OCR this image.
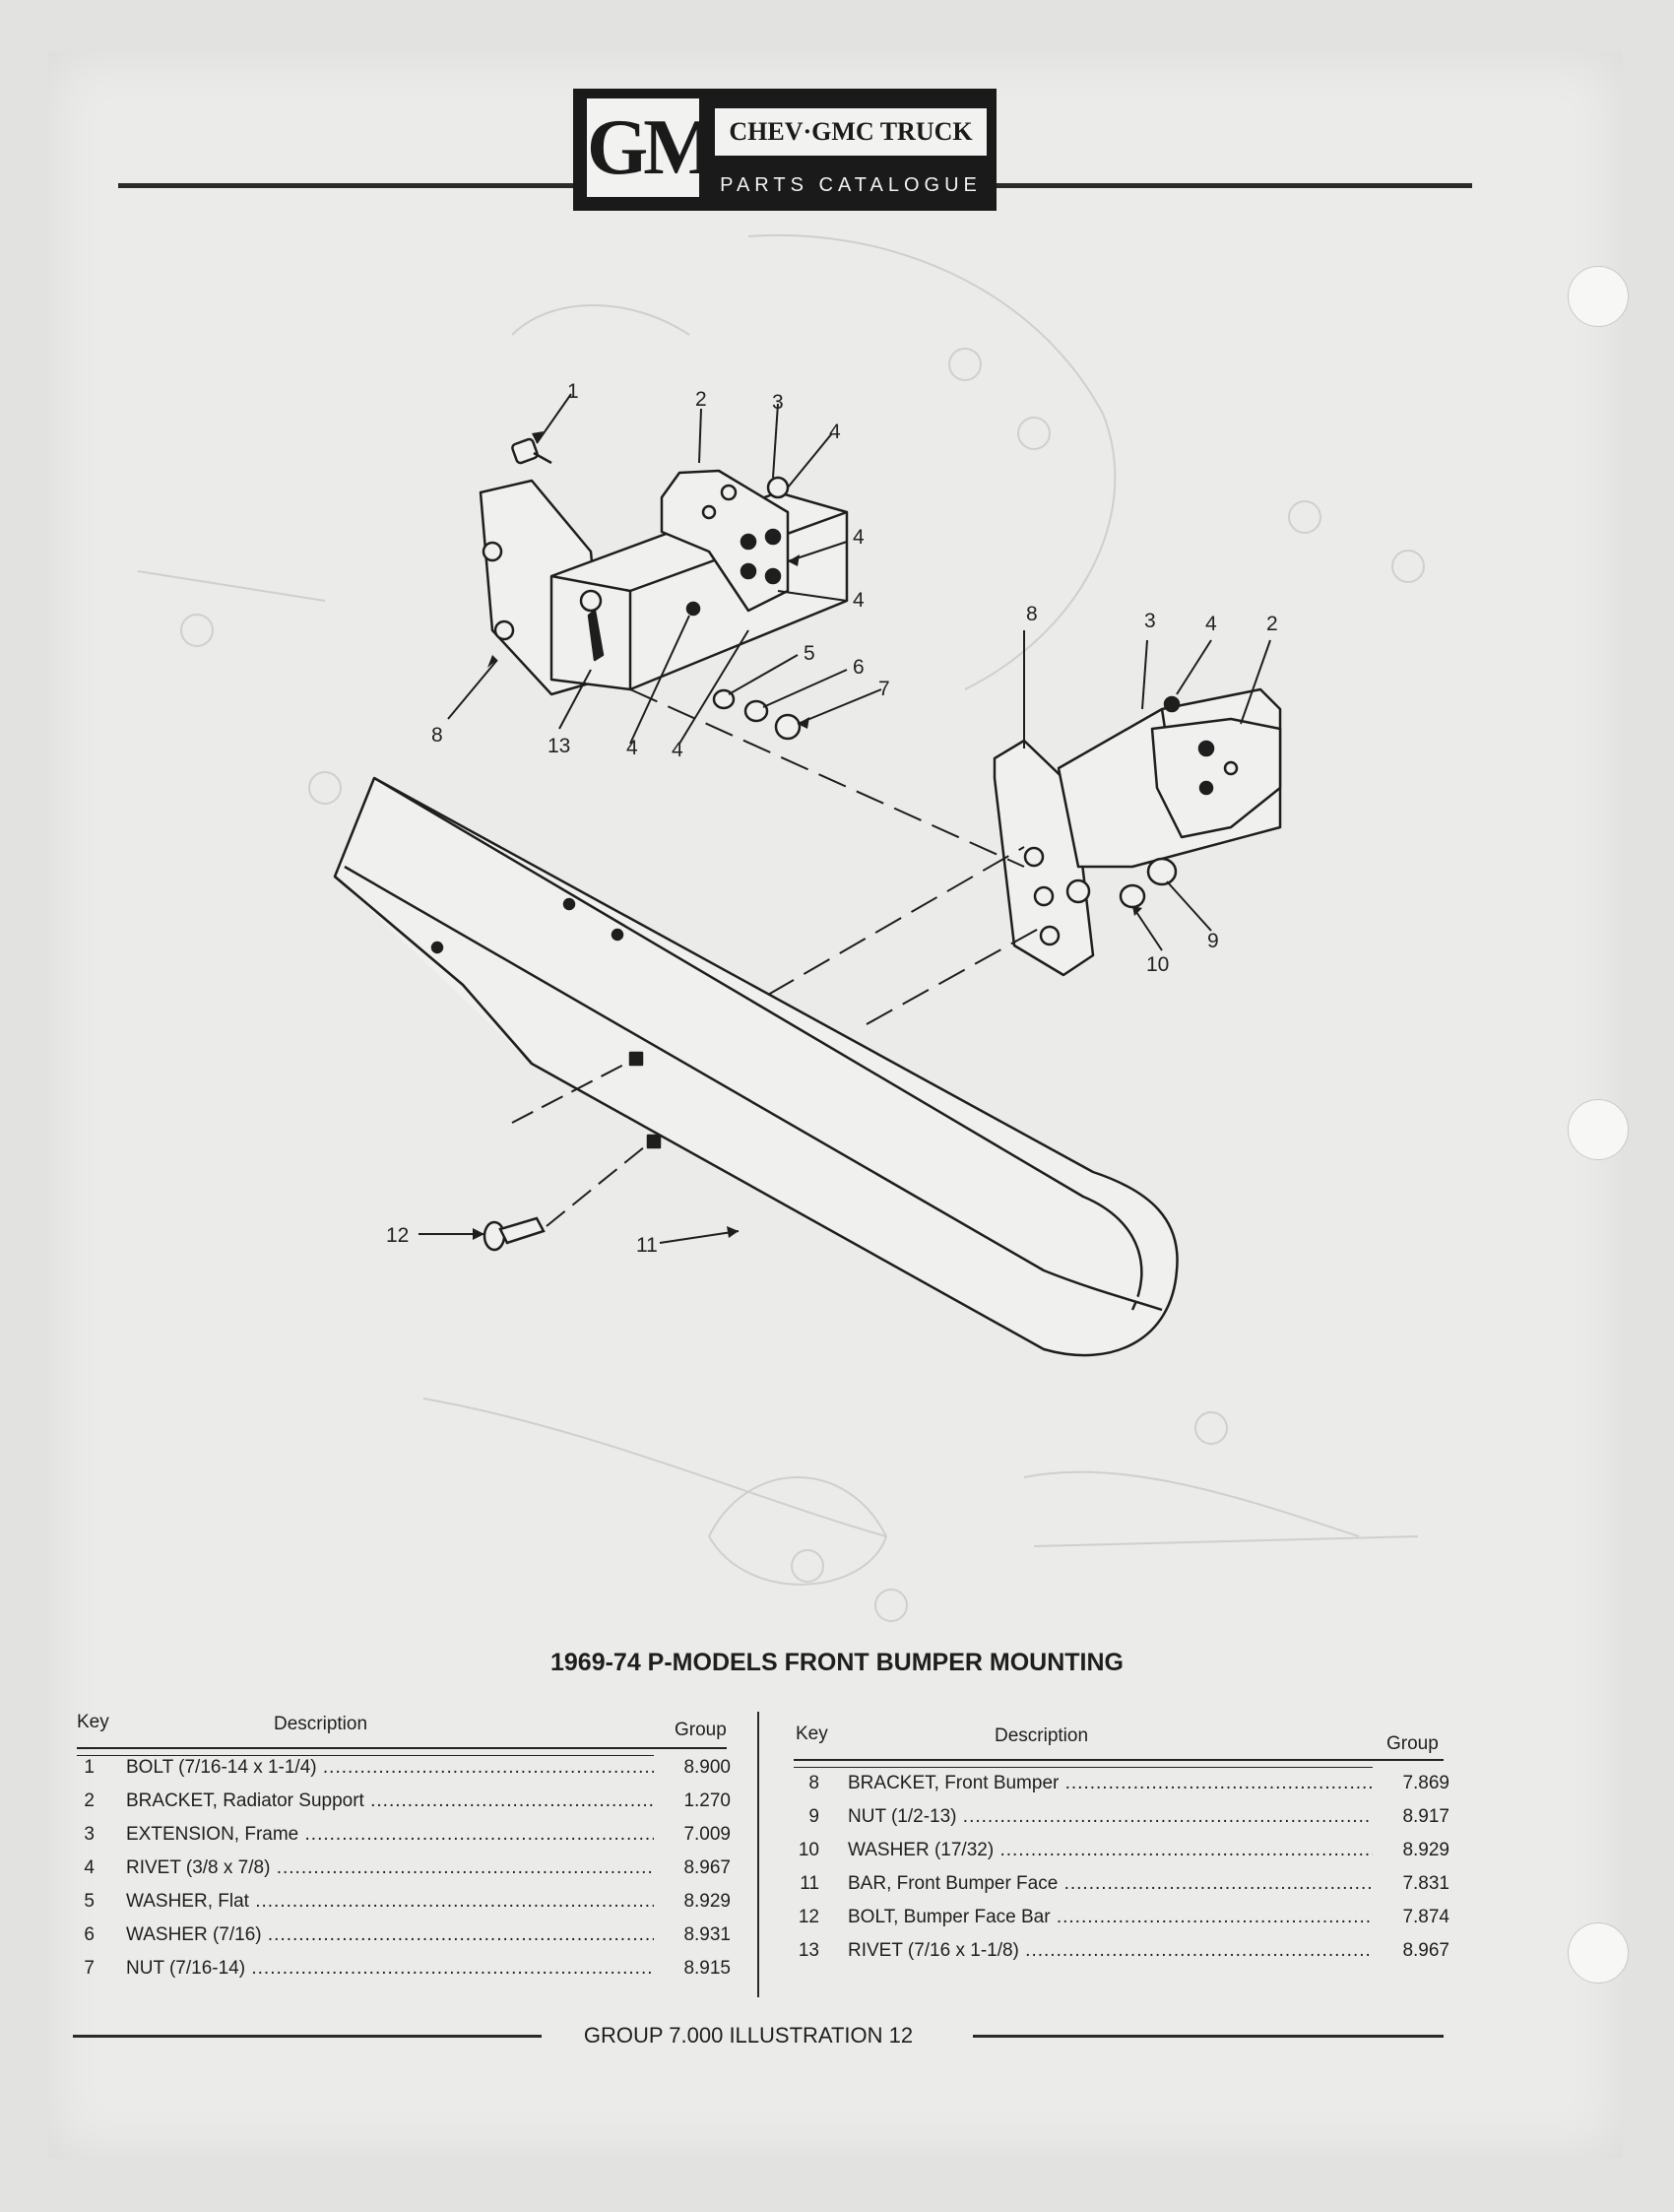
GM CHEV·GMC TRUCK
PARTS CATALOGUE
1	2	3
4
4
4
5
6
7
8	13	4 4
8	3 4 2
10
9
12	11
1969-74 P-MODELS FRONT BUMPER MOUNTING
Key	Description	Group
1 BOLT (7/16-14 x 1-1/4) .....	8.900
2 BRACKET, Radiator Support .....	1.270
3 EXTENSION, Frame .....	7.009
4 RIVET (3/8 x 7/8) .....	8.967
5 WASHER, Flat .....	8.929
6 WASHER (7/16) .....	8.931
7 NUT (7/16-14) .....	8.915
Key	Description	Group
8 BRACKET, Front Bumper .....	7.869
9 NUT (1/2-13) .....	8.917
10 WASHER (17/32) .....	8.929
11 BAR, Front Bumper Face .....	7.831
12 BOLT, Bumper Face Bar .....	7.874
13 RIVET (7/16 x 1-1/8) .....	8.967
GROUP 7.000 ILLUSTRATION 12
